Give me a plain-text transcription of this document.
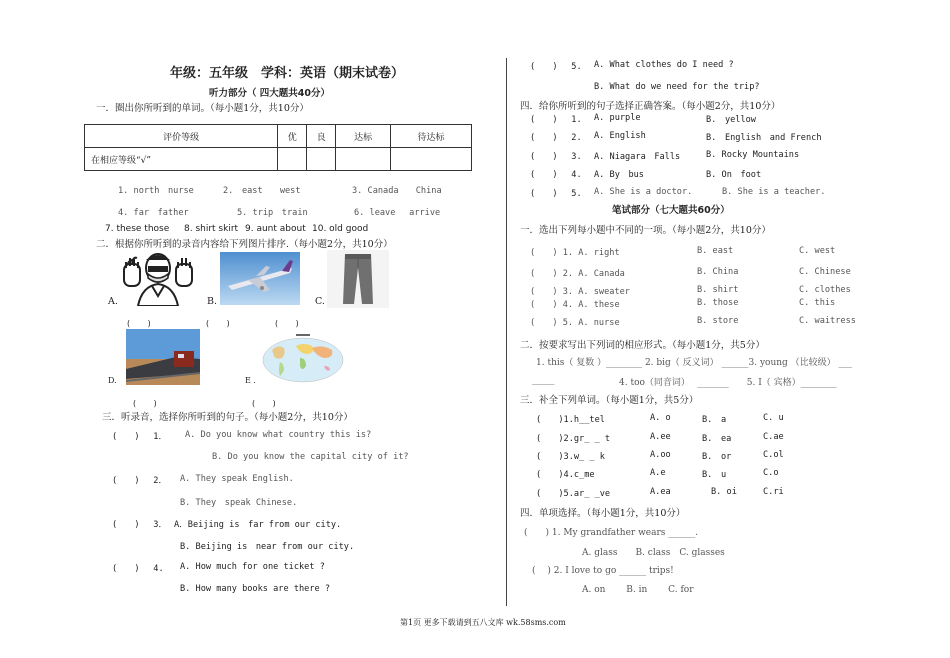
年级：五年级　学科：英语（期末试卷）
听力部分（ 四大题共40分）
一．圈出你所听到的单词。（每小题1分，共10分）
评价等级	优	良	达标	待达标
在相应等级“√”				
1. north　nurse	2.　east　　west	3. Canada　　China
4. far　father	5. trip　train	6. leave　 arrive
7. these those 8. shirt skirt 9. aunt about 10. old good
二．根据你所听到的录音内容给下列图片排序.（每小题2分，共10分）
A.	B.	C.
(　　)	(　　)	(　　)
D.	E .
(　　)	(　　)
三．听录音，选择你所听到的句子。（每小题2分，共10分）
(　　)　 1． A. Do you know what country this is?
B. Do you know the capital city of it?
(　　)　 2． A. They speak English.
B. They　speak Chinese.
(　　)　 3． A．Beijing is　far from our city.
B. Beijing is　near from our city.
(　　)　 4. A. How much for one ticket ?
B. How many books are there ?
(　　)　 5. A. What clothes do I need ?
B. What do we need for the trip?
四．给你所听到的句子选择正确答案。（每小题2分，共10分）
(　　)　 1. A. purple	B.　yellow
(　　)　 2. A. English	B.　English　and French
(　　)　 3. A. Niagara　Falls	B. Rocky Mountains
(　　)　 4. A. By　bus	B. On　foot
(　　)　 5. A. She is a doctor.	B. She is a teacher.
笔试部分（七大题共60分）
一．选出下列每小题中不同的一项。（每小题2分，共10分）
(　　) 1. A. right	B. east	C. west
(　　) 2. A. Canada	B. China	C. Chinese
(　　) 3. A. sweater	B. shirt	C. clothes
(　　) 4. A. these	B. those	C. this
(　　) 5. A. nurse	B. store	C. waitress
二．按要求写出下列词的相应形式。（每小题1分，共5分）
1. this（ 复数 ）________ 2. big（ 反义词） ______3. young （比较级） ___
_____	4. too（同音词）　 _______　　5. I（ 宾格）________
三．补全下列单词。（每小题1分，共5分）
(　　)1.h__tel	A. o	B.　a	C. u
(　　)2.gr_ _ t	A.ee	B.　ea	C.ae
(　　)3.w_ _ k	A.oo	B.　or	C.ol
(　　)4.c_me	A.e	B.　u	C.o
(　　)5.ar_ _ve	A.ea	B. oi	C.ri
四．单项选择。（每小题1分，共10分）
(　　) 1. My grandfather wears ______.
A. glass　　B. class　C. glasses
(　 ) 2. I love to go ______ trips!
A. on　　 B. in　　 C. for
第1页 更多下载请到五八文库 wk.58sms.com
